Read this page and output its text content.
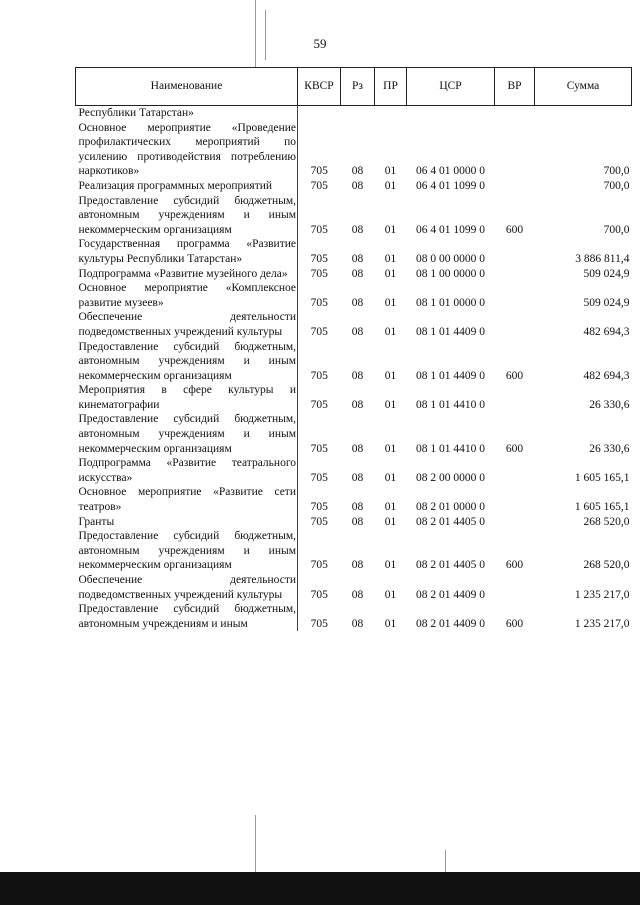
59
Наименование	КВСР	Рз	ПР	ЦСР	ВР	Сумма
Республики Татарстан»						
Основное мероприятие «Проведение профилактических мероприятий по усилению противодействия потреблению наркотиков»	705	08	01	06 4 01 0000 0		700,0
Реализация программных мероприятий	705	08	01	06 4 01 1099 0		700,0
Предоставление субсидий бюджетным, автономным учреждениям и иным некоммерческим организациям	705	08	01	06 4 01 1099 0	600	700,0
Государственная программа «Развитие культуры Республики Татарстан»	705	08	01	08 0 00 0000 0		3 886 811,4
Подпрограмма «Развитие музейного дела»	705	08	01	08 1 00 0000 0		509 024,9
Основное мероприятие «Комплексное развитие музеев»	705	08	01	08 1 01 0000 0		509 024,9
Обеспечение деятельности подведомственных учреждений культуры	705	08	01	08 1 01 4409 0		482 694,3
Предоставление субсидий бюджетным, автономным учреждениям и иным некоммерческим организациям	705	08	01	08 1 01 4409 0	600	482 694,3
Мероприятия в сфере культуры и кинематографии	705	08	01	08 1 01 4410 0		26 330,6
Предоставление субсидий бюджетным, автономным учреждениям и иным некоммерческим организациям	705	08	01	08 1 01 4410 0	600	26 330,6
Подпрограмма «Развитие театрального искусства»	705	08	01	08 2 00 0000 0		1 605 165,1
Основное мероприятие «Развитие сети театров»	705	08	01	08 2 01 0000 0		1 605 165,1
Гранты	705	08	01	08 2 01 4405 0		268 520,0
Предоставление субсидий бюджетным, автономным учреждениям и иным некоммерческим организациям	705	08	01	08 2 01 4405 0	600	268 520,0
Обеспечение деятельности подведомственных учреждений культуры	705	08	01	08 2 01 4409 0		1 235 217,0
Предоставление субсидий бюджетным, автономным учреждениям и иным	705	08	01	08 2 01 4409 0	600	1 235 217,0
